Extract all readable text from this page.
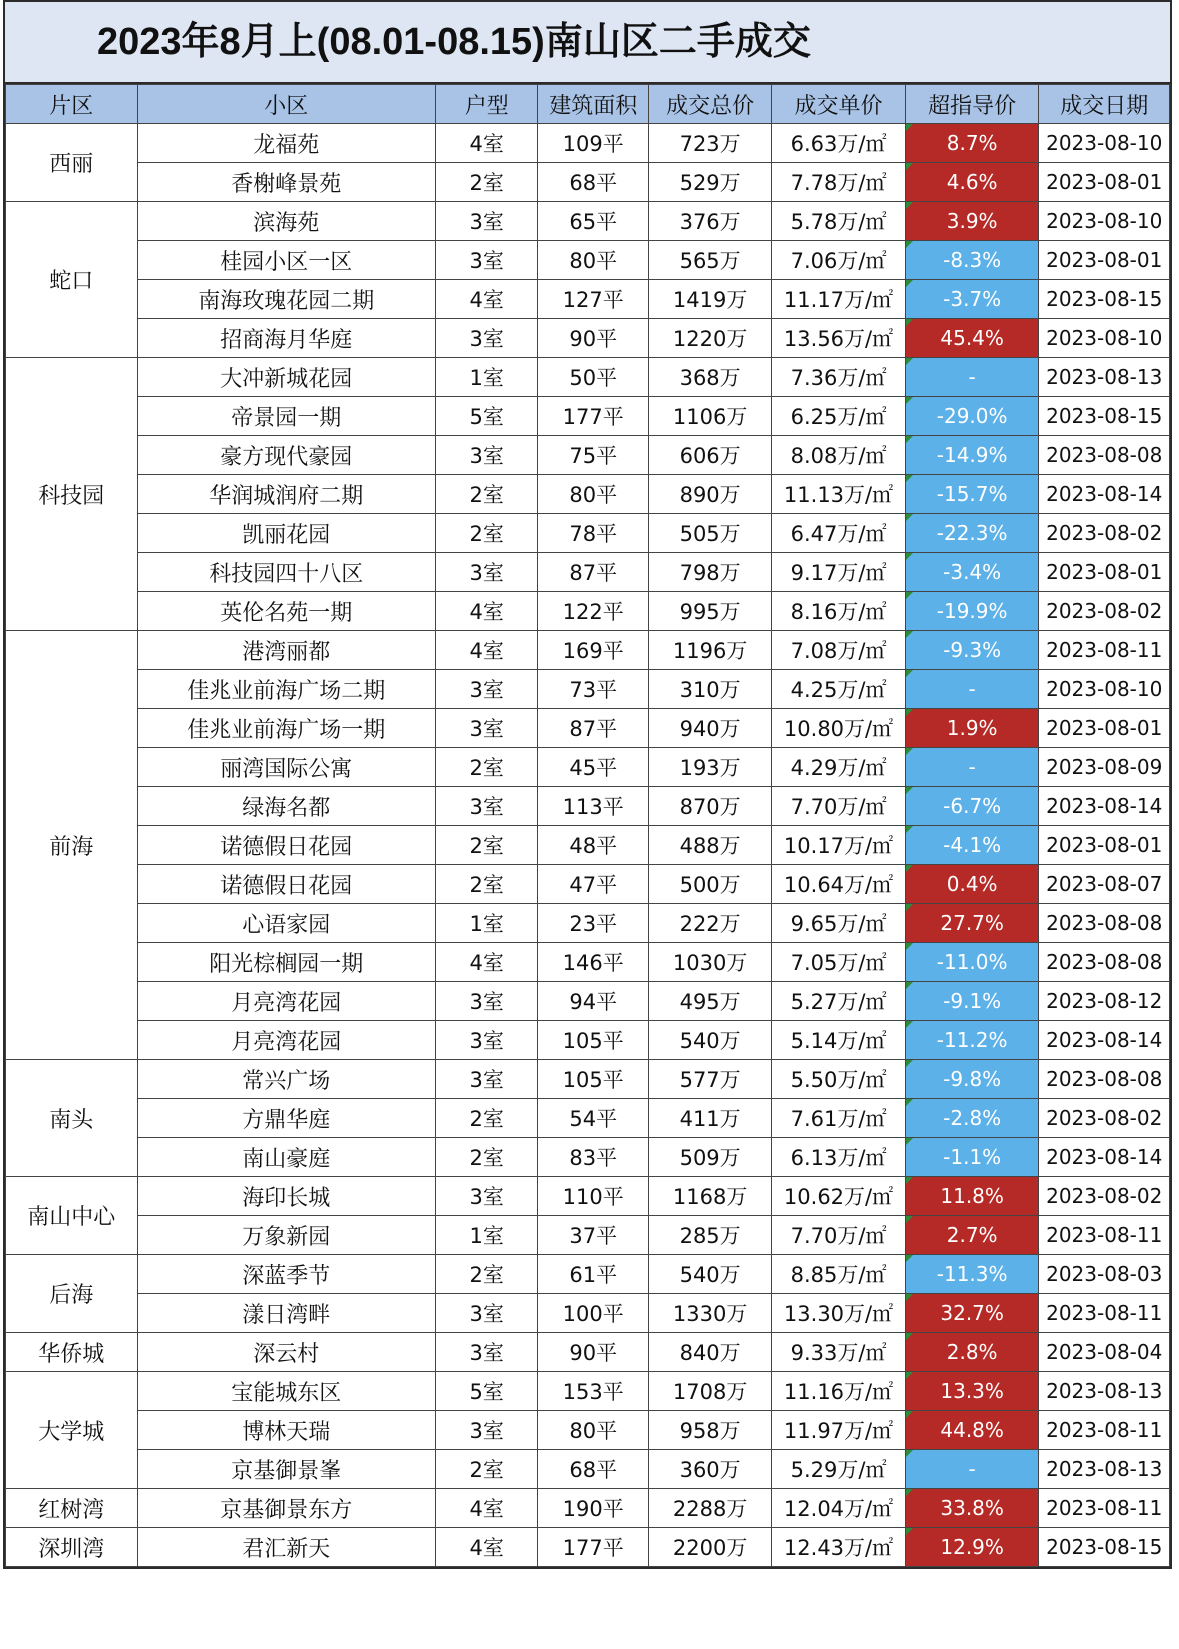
2023年8月上(08.01-08.15)南山区二手成交
片区	小区	户型	建筑面积	成交总价	成交单价	超指导价	成交日期
西丽	龙福苑	4室	109平	723万	6.63万/㎡	8.7%	2023-08-10
	香榭峰景苑	2室	68平	529万	7.78万/㎡	4.6%	2023-08-01
蛇口	滨海苑	3室	65平	376万	5.78万/㎡	3.9%	2023-08-10
	桂园小区一区	3室	80平	565万	7.06万/㎡	-8.3%	2023-08-01
	南海玫瑰花园二期	4室	127平	1419万	11.17万/㎡	-3.7%	2023-08-15
	招商海月华庭	3室	90平	1220万	13.56万/㎡	45.4%	2023-08-10
科技园	大冲新城花园	1室	50平	368万	7.36万/㎡	-	2023-08-13
	帝景园一期	5室	177平	1106万	6.25万/㎡	-29.0%	2023-08-15
	豪方现代豪园	3室	75平	606万	8.08万/㎡	-14.9%	2023-08-08
	华润城润府二期	2室	80平	890万	11.13万/㎡	-15.7%	2023-08-14
	凯丽花园	2室	78平	505万	6.47万/㎡	-22.3%	2023-08-02
	科技园四十八区	3室	87平	798万	9.17万/㎡	-3.4%	2023-08-01
	英伦名苑一期	4室	122平	995万	8.16万/㎡	-19.9%	2023-08-02
前海	港湾丽都	4室	169平	1196万	7.08万/㎡	-9.3%	2023-08-11
	佳兆业前海广场二期	3室	73平	310万	4.25万/㎡	-	2023-08-10
	佳兆业前海广场一期	3室	87平	940万	10.80万/㎡	1.9%	2023-08-01
	丽湾国际公寓	2室	45平	193万	4.29万/㎡	-	2023-08-09
	绿海名都	3室	113平	870万	7.70万/㎡	-6.7%	2023-08-14
	诺德假日花园	2室	48平	488万	10.17万/㎡	-4.1%	2023-08-01
	诺德假日花园	2室	47平	500万	10.64万/㎡	0.4%	2023-08-07
	心语家园	1室	23平	222万	9.65万/㎡	27.7%	2023-08-08
	阳光棕榈园一期	4室	146平	1030万	7.05万/㎡	-11.0%	2023-08-08
	月亮湾花园	3室	94平	495万	5.27万/㎡	-9.1%	2023-08-12
	月亮湾花园	3室	105平	540万	5.14万/㎡	-11.2%	2023-08-14
南头	常兴广场	3室	105平	577万	5.50万/㎡	-9.8%	2023-08-08
	方鼎华庭	2室	54平	411万	7.61万/㎡	-2.8%	2023-08-02
	南山豪庭	2室	83平	509万	6.13万/㎡	-1.1%	2023-08-14
南山中心	海印长城	3室	110平	1168万	10.62万/㎡	11.8%	2023-08-02
	万象新园	1室	37平	285万	7.70万/㎡	2.7%	2023-08-11
后海	深蓝季节	2室	61平	540万	8.85万/㎡	-11.3%	2023-08-03
	漾日湾畔	3室	100平	1330万	13.30万/㎡	32.7%	2023-08-11
华侨城	深云村	3室	90平	840万	9.33万/㎡	2.8%	2023-08-04
大学城	宝能城东区	5室	153平	1708万	11.16万/㎡	13.3%	2023-08-13
	博林天瑞	3室	80平	958万	11.97万/㎡	44.8%	2023-08-11
	京基御景峯	2室	68平	360万	5.29万/㎡	-	2023-08-13
红树湾	京基御景东方	4室	190平	2288万	12.04万/㎡	33.8%	2023-08-11
深圳湾	君汇新天	4室	177平	2200万	12.43万/㎡	12.9%	2023-08-15
